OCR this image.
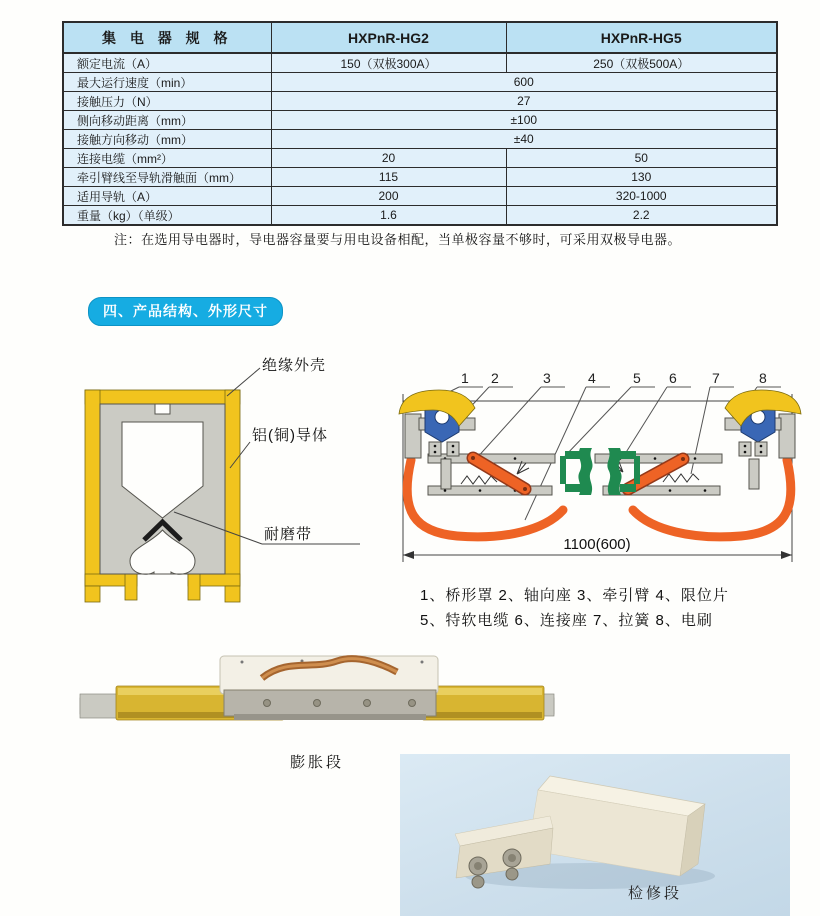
集 电 器 规 格	HXPnR-HG2	HXPnR-HG5
额定电流（A）	150（双极300A）	250（双极500A）
最大运行速度（min）	600	
接触压力（N）	27	
侧向移动距离（mm）	±100	
接触方向移动（mm）	±40	
连接电缆（mm²）	20	50
牵引臂线至导轨滑触面（mm）	115	130
适用导轨（A）	200	320-1000
重量（kg）（单级）	1.6	2.2
注：在选用导电器时，导电器容量要与用电设备相配，当单极容量不够时，可采用双极导电器。
四、产品结构、外形尺寸
绝缘外壳
铝(铜)导体
耐磨带
1 2	3	4	5 6	7	8
1100(600)
1、桥形罩 2、轴向座 3、牵引臂 4、限位片
5、特软电缆 6、连接座 7、拉簧 8、电刷
膨胀段
检修段
